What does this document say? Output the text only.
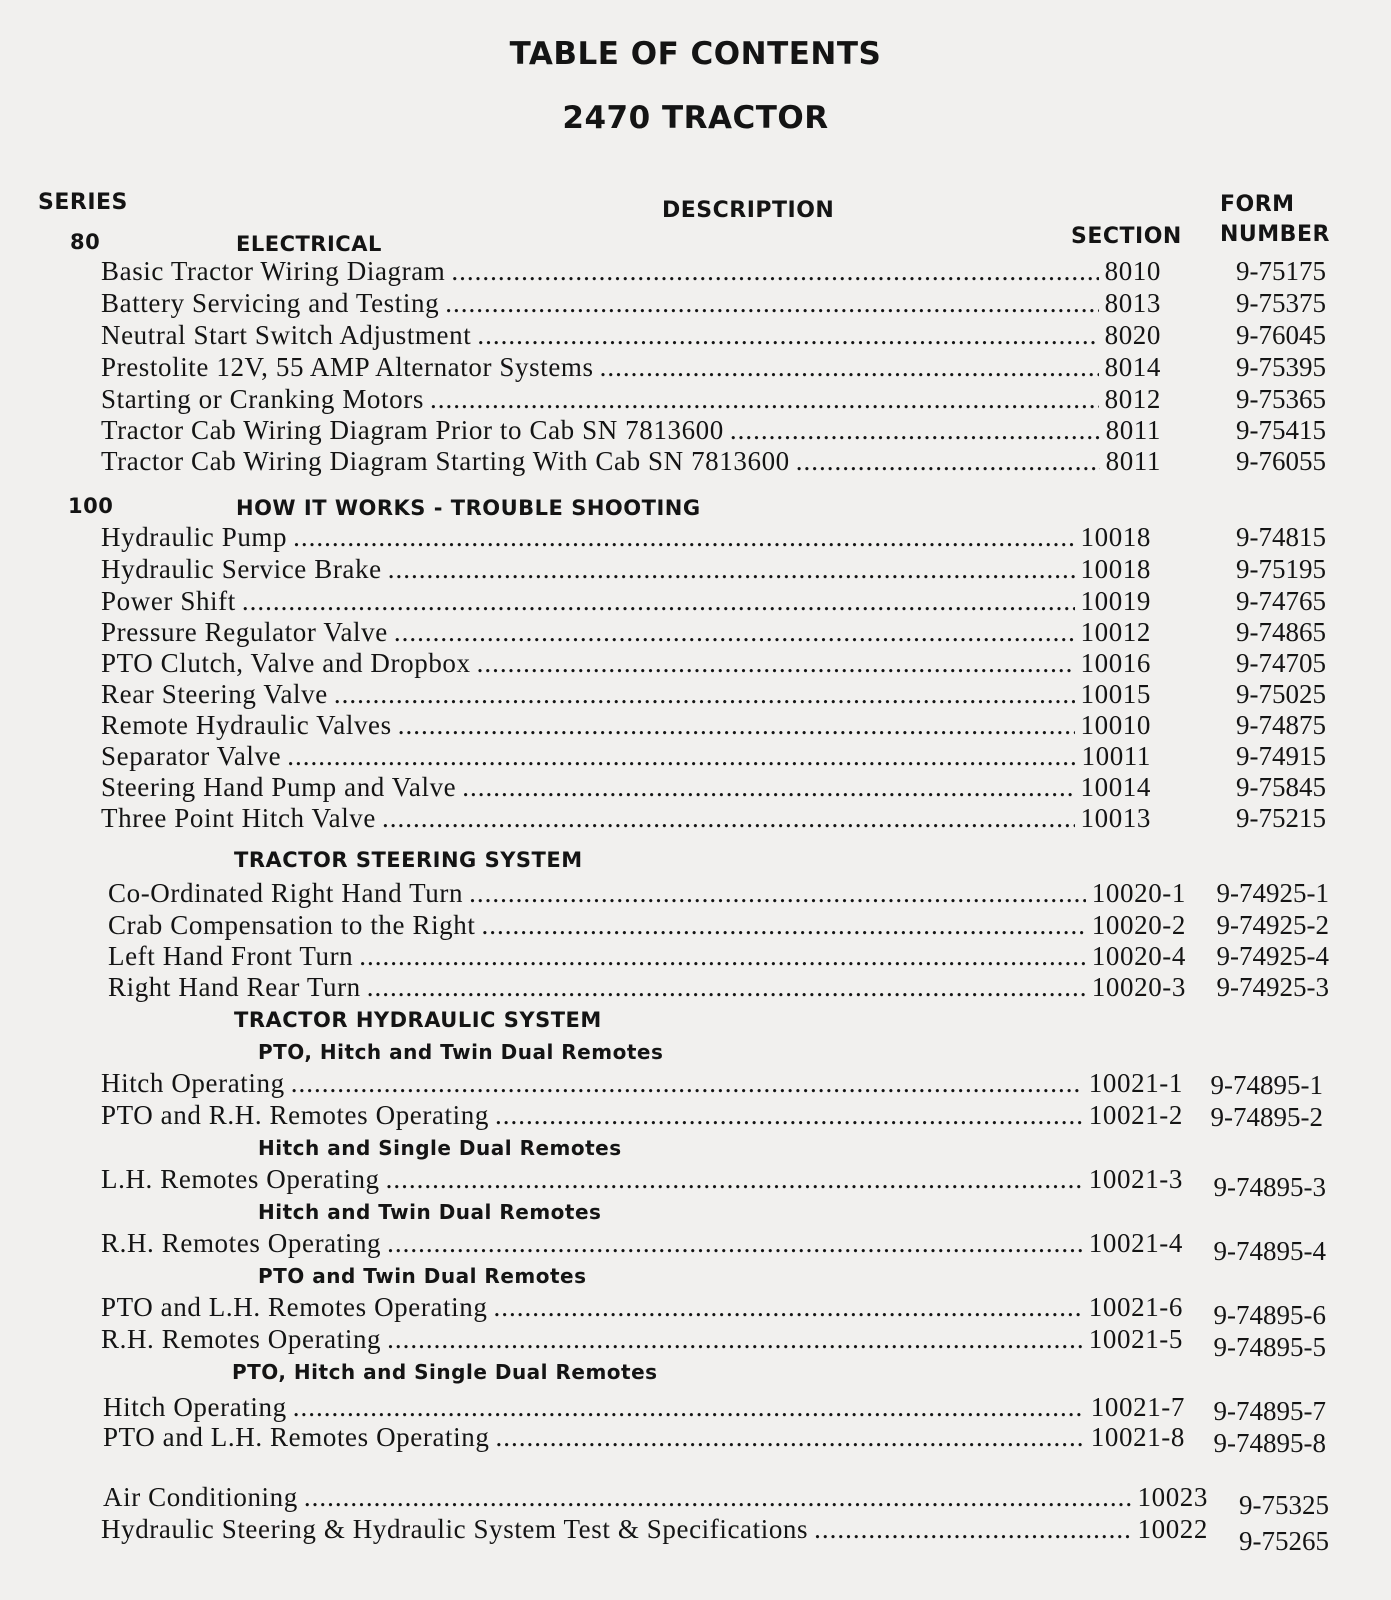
TABLE OF CONTENTS
2470 TRACTOR
SERIES	DESCRIPTION
SECTION
FORM
NUMBER
80	ELECTRICAL
Basic Tractor Wiring Diagram .....	8010	9-75175
Battery Servicing and Testing .....	8013	9-75375
Neutral Start Switch Adjustment .....	8020	9-76045
Prestolite 12V, 55 AMP Alternator Systems .....	8014	9-75395
Starting or Cranking Motors .....	8012	9-75365
Tractor Cab Wiring Diagram Prior to Cab SN 7813600 .....	8011	9-75415
Tractor Cab Wiring Diagram Starting With Cab SN 7813600 .....	8011	9-76055
100	HOW IT WORKS - TROUBLE SHOOTING
Hydraulic Pump .....	10018	9-74815
Hydraulic Service Brake .....	10018	9-75195
Power Shift .....	10019	9-74765
Pressure Regulator Valve .....	10012	9-74865
PTO Clutch, Valve and Dropbox .....	10016	9-74705
Rear Steering Valve .....	10015	9-75025
Remote Hydraulic Valves .....	10010	9-74875
Separator Valve .....	10011	9-74915
Steering Hand Pump and Valve .....	10014	9-75845
Three Point Hitch Valve .....	10013	9-75215
TRACTOR STEERING SYSTEM
Co-Ordinated Right Hand Turn .....	10020-1 9-74925-1
Crab Compensation to the Right .....	10020-2 9-74925-2
Left Hand Front Turn .....	10020-4 9-74925-4
Right Hand Rear Turn .....	10020-3 9-74925-3
TRACTOR HYDRAULIC SYSTEM
PTO, Hitch and Twin Dual Remotes
Hitch Operating .....	10021-1 9-74895-1
PTO and R.H. Remotes Operating .....	10021-2 9-74895-2
Hitch and Single Dual Remotes
L.H. Remotes Operating .....	10021-3 9-74895-3
Hitch and Twin Dual Remotes
R.H. Remotes Operating .....	10021-4 9-74895-4
PTO and Twin Dual Remotes
PTO and L.H. Remotes Operating .....	10021-6 9-74895-6
R.H. Remotes Operating .....	10021-5 9-74895-5
PTO, Hitch and Single Dual Remotes
Hitch Operating .....	10021-7 9-74895-7
PTO and L.H. Remotes Operating .....	10021-8 9-74895-8
Air Conditioning .....	10023 9-75325
Hydraulic Steering & Hydraulic System Test & Specifications .....	10022 9-75265
